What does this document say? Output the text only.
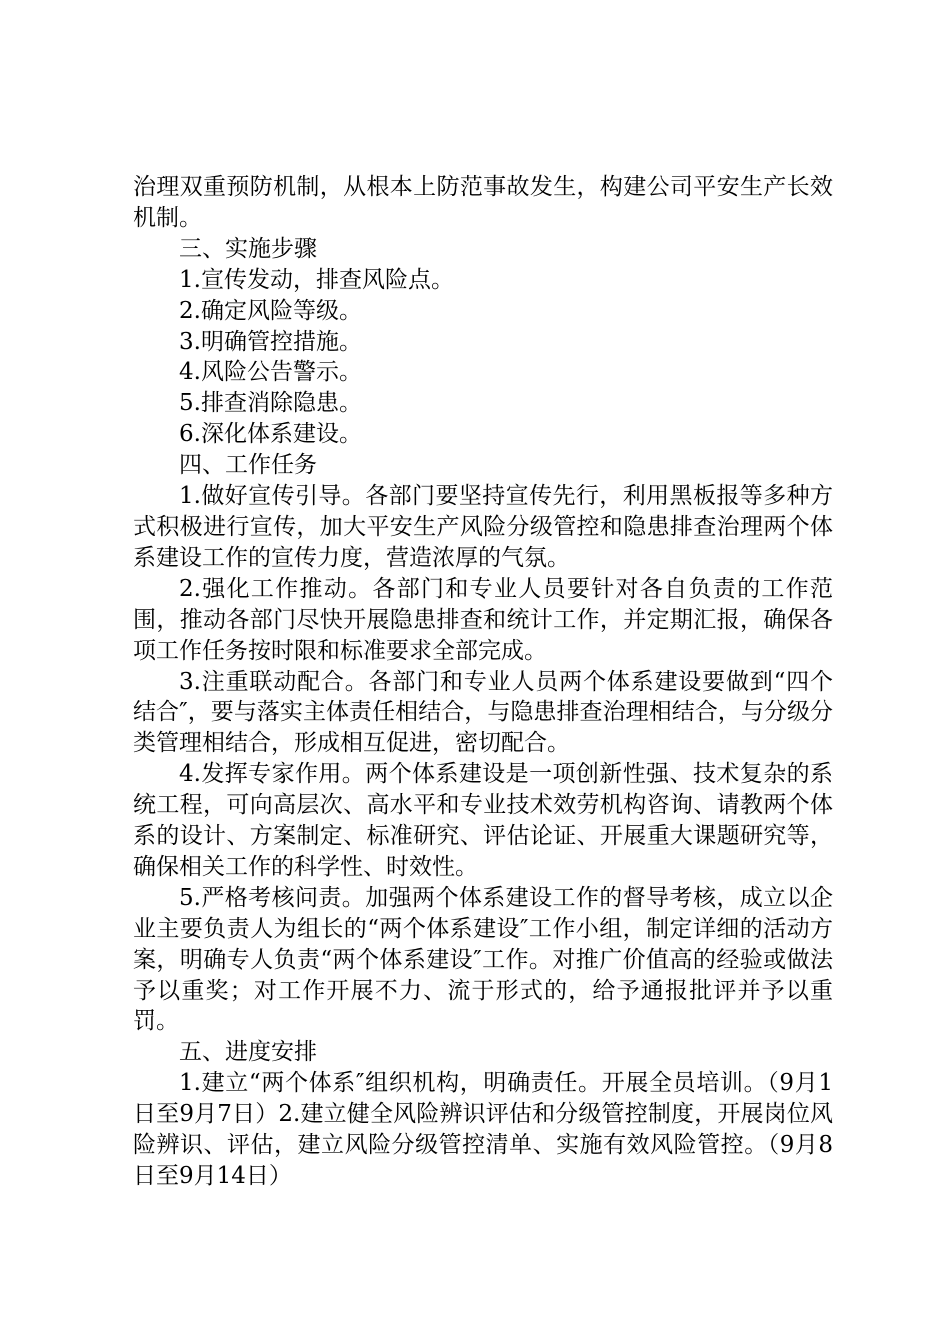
治理双重预防机制，从根本上防范事故发生，构建公司平安生产长效机制。

三、实施步骤

1.宣传发动，排查风险点。

2.确定风险等级。

3.明确管控措施。

4.风险公告警示。

5.排查消除隐患。

6.深化体系建设。

四、工作任务

1.做好宣传引导。各部门要坚持宣传先行，利用黑板报等多种方式积极进行宣传，加大平安生产风险分级管控和隐患排查治理两个体系建设工作的宣传力度，营造浓厚的气氛。

2.强化工作推动。各部门和专业人员要针对各自负责的工作范围，推动各部门尽快开展隐患排查和统计工作，并定期汇报，确保各项工作任务按时限和标准要求全部完成。

3.注重联动配合。各部门和专业人员两个体系建设要做到“四个结合″，要与落实主体责任相结合，与隐患排查治理相结合，与分级分类管理相结合，形成相互促进，密切配合。

4.发挥专家作用。两个体系建设是一项创新性强、技术复杂的系统工程，可向高层次、高水平和专业技术效劳机构咨询、请教两个体系的设计、方案制定、标准研究、评估论证、开展重大课题研究等，确保相关工作的科学性、时效性。

5.严格考核问责。加强两个体系建设工作的督导考核，成立以企业主要负责人为组长的“两个体系建设″工作小组，制定详细的活动方案，明确专人负责“两个体系建设″工作。对推广价值高的经验或做法予以重奖；对工作开展不力、流于形式的，给予通报批评并予以重罚。

五、进度安排

1.建立“两个体系″组织机构，明确责任。开展全员培训。（9月1日至9月7日）2.建立健全风险辨识评估和分级管控制度，开展岗位风险辨识、评估，建立风险分级管控清单、实施有效风险管控。（9月8日至9月14日）
